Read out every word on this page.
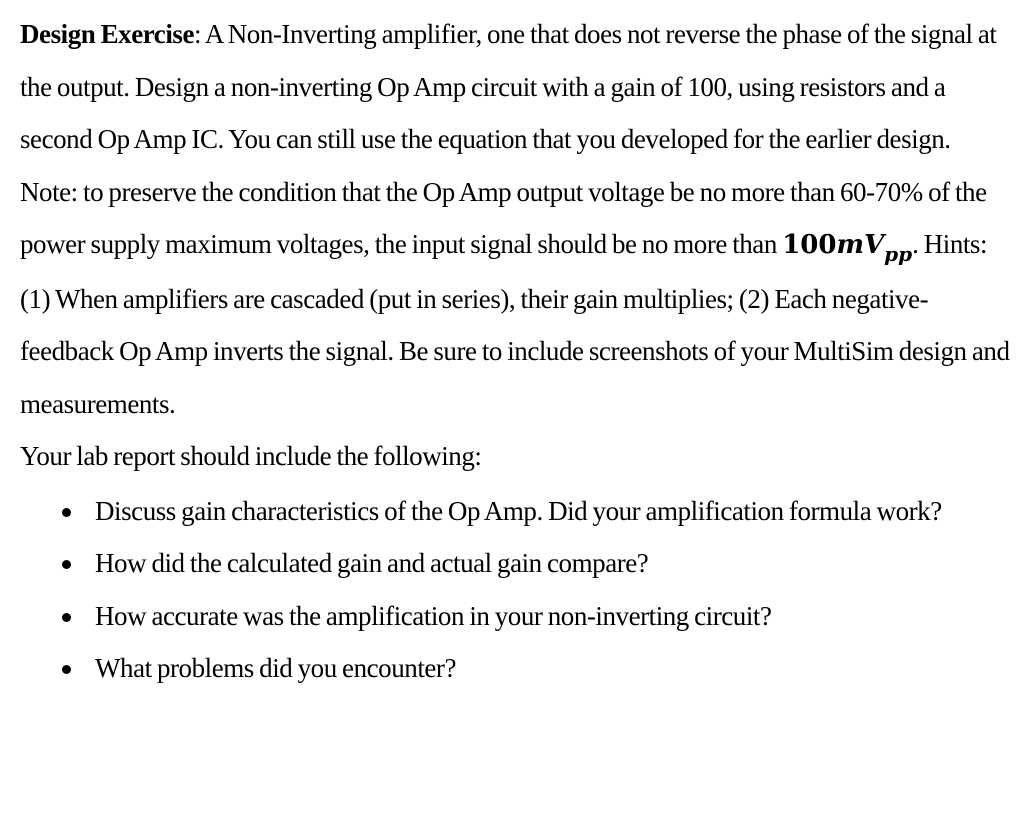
Design Exercise: A Non-Inverting amplifier, one that does not reverse the phase of the signal at the output. Design a non-inverting Op Amp circuit with a gain of 100, using resistors and a second Op Amp IC. You can still use the equation that you developed for the earlier design.

Note: to preserve the condition that the Op Amp output voltage be no more than 60-70% of the power supply maximum voltages, the input signal should be no more than $100mV_{pp}$. Hints: (1) When amplifiers are cascaded (put in series), their gain multiplies; (2) Each negative-feedback Op Amp inverts the signal. Be sure to include screenshots of your MultiSim design and measurements.

Your lab report should include the following:

Discuss gain characteristics of the Op Amp. Did your amplification formula work?
How did the calculated gain and actual gain compare?
How accurate was the amplification in your non-inverting circuit?
What problems did you encounter?
